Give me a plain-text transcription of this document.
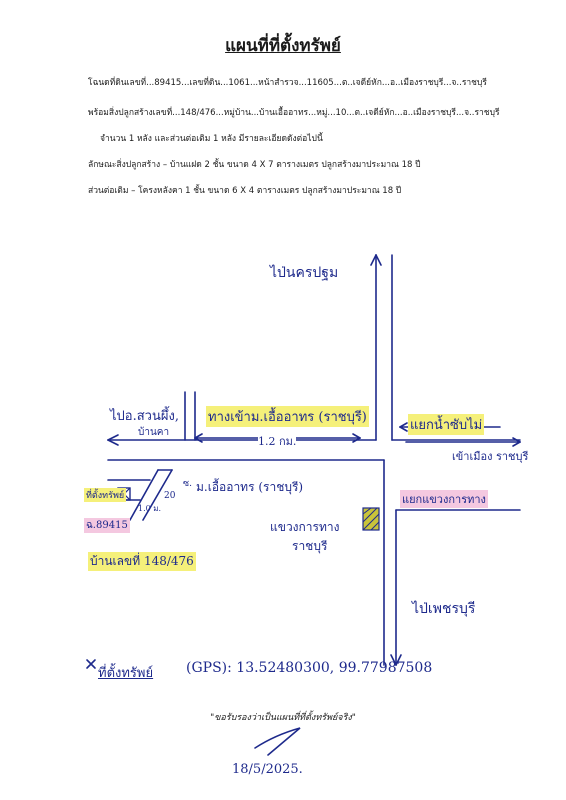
แผนที่ที่ตั้งทรัพย์
โฉนดที่ดินเลขที่...89415...เลขที่ดิน...1061...หน้าสำรวจ...11605...ต..เจดีย์หัก...อ..เมืองราชบุรี...จ..ราชบุรี
พร้อมสิ่งปลูกสร้างเลขที่...148/476...หมู่บ้าน...บ้านเอื้ออาทร...หมู่...10...ต..เจดีย์หัก...อ..เมืองราชบุรี...จ..ราชบุรี
จำนวน 1 หลัง และส่วนต่อเติม 1 หลัง มีรายละเอียดดังต่อไปนี้
ลักษณะสิ่งปลูกสร้าง – บ้านแฝด 2 ชั้น ขนาด 4 X 7 ตารางเมตร ปลูกสร้างมาประมาณ 18 ปี
ส่วนต่อเติม – โครงหลังคา 1 ชั้น ขนาด 6 X 4 ตารางเมตร ปลูกสร้างมาประมาณ 18 ปี
ไป่นครปฐม
ไปอ.สวนผึ้ง,
บ้านคา
ทางเข้าม.เอื้ออาทร (ราชบุรี)
1.2 กม.
แยกน้ำซับไม่
เข้าเมือง ราชบุรี
ม.เอื้ออาทร (ราชบุรี)
ซ.
20
ที่ตั้งทรัพย์
ฉ.89415
1.0 ม.
บ้านเลขที่ 148/476
แยกแขวงการทาง
แขวงการทาง
ราชบุรี
ไป่เพชรบุรี
ที่ตั้งทรัพย์ (GPS): 13.52480300, 99.77987508
"ขอรับรองว่าเป็นแผนที่ที่ตั้งทรัพย์จริง"
18/5/2025.
